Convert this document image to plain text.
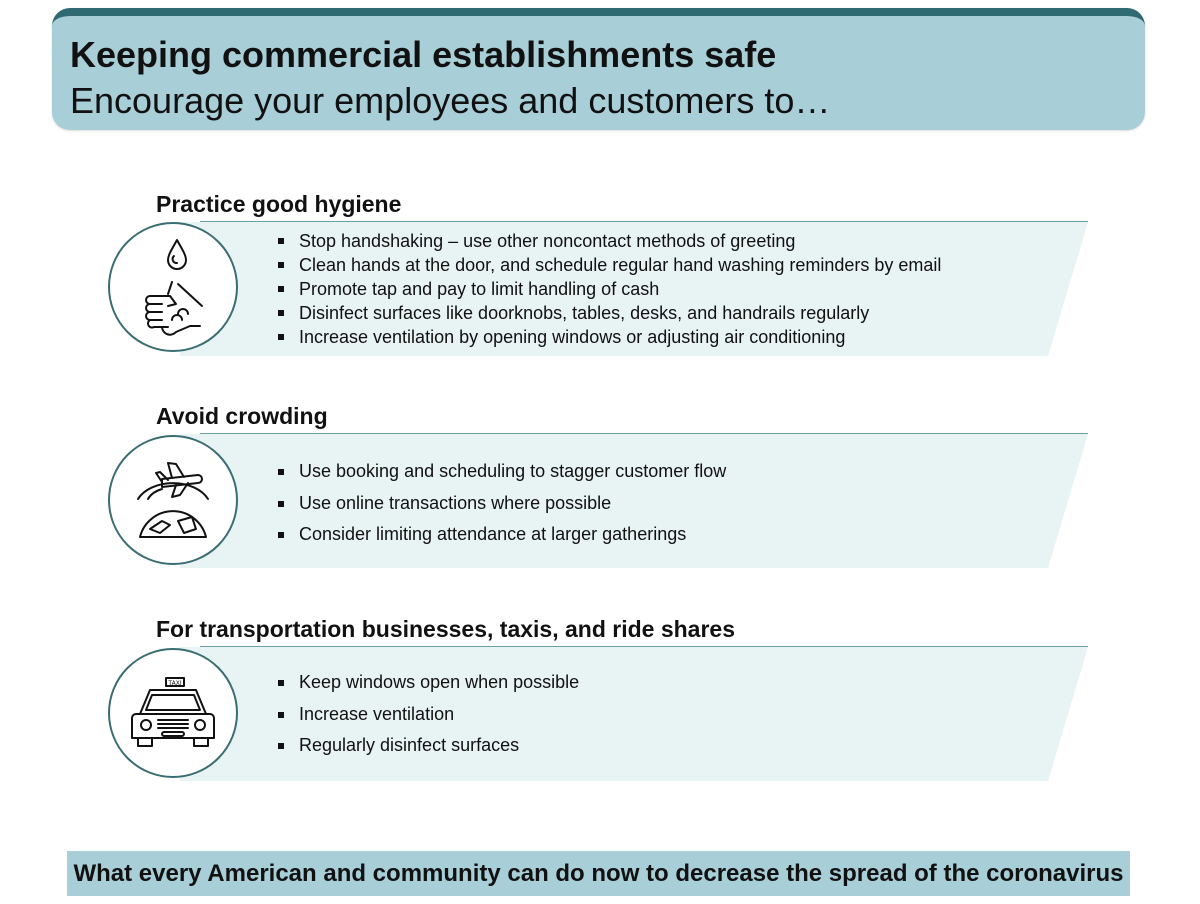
Keeping commercial establishments safe
Encourage your employees and customers to…
Practice good hygiene
Stop handshaking – use other noncontact methods of greeting
Clean hands at the door, and schedule regular hand washing reminders by email
Promote tap and pay to limit handling of cash
Disinfect surfaces like doorknobs, tables, desks, and handrails regularly
Increase ventilation by opening windows or adjusting air conditioning
Avoid crowding
Use booking and scheduling to stagger customer flow
Use online transactions where possible
Consider limiting attendance at larger gatherings
For transportation businesses, taxis, and ride shares
TAXI	Keep windows open when possible
Increase ventilation
Regularly disinfect surfaces
What every American and community can do now to decrease the spread of the coronavirus
